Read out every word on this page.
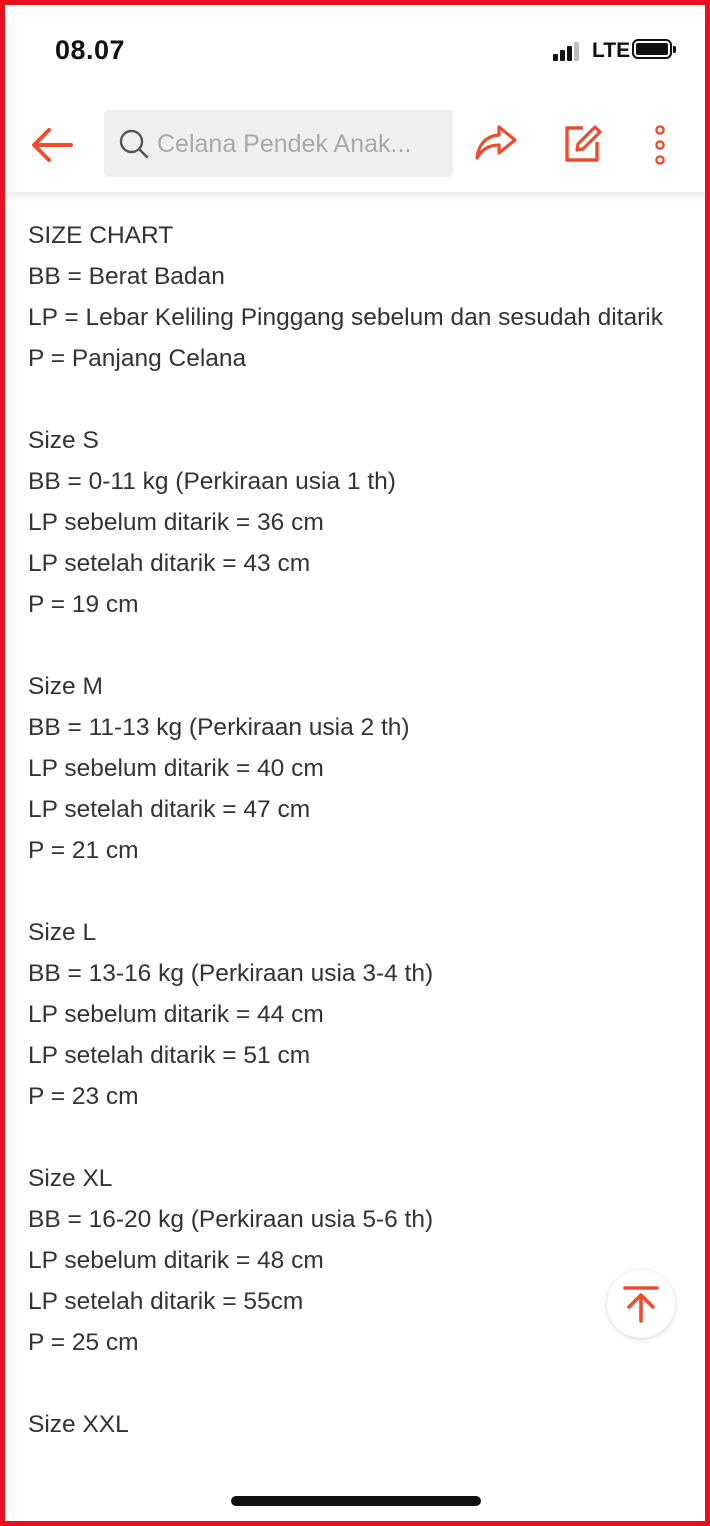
08.07	LTE
Celana Pendek Anak...

SIZE CHART

BB = Berat Badan

LP = Lebar Keliling Pinggang sebelum dan sesudah ditarik

P = Panjang Celana

Size S

BB = 0-11 kg (Perkiraan usia 1 th)

LP sebelum ditarik = 36 cm

LP setelah ditarik = 43 cm

P = 19 cm

Size M

BB = 11-13 kg (Perkiraan usia 2 th)

LP sebelum ditarik = 40 cm

LP setelah ditarik = 47 cm

P = 21 cm

Size L

BB = 13-16 kg (Perkiraan usia 3-4 th)

LP sebelum ditarik = 44 cm

LP setelah ditarik = 51 cm

P = 23 cm

Size XL

BB = 16-20 kg (Perkiraan usia 5-6 th)

LP sebelum ditarik = 48 cm

LP setelah ditarik = 55cm

P = 25 cm

Size XXL
